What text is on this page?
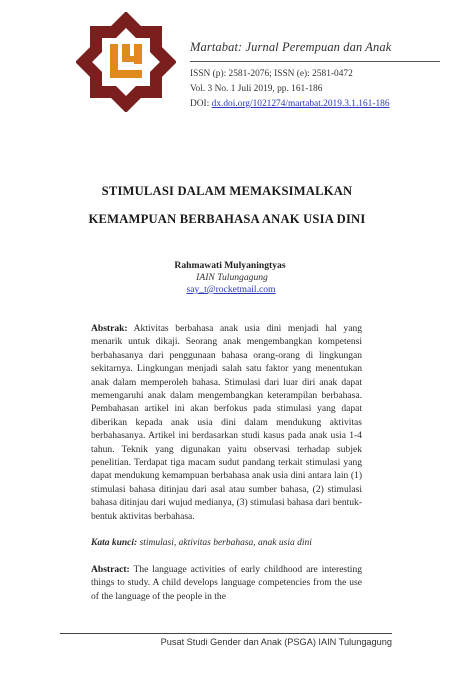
Martabat: Jurnal Perempuan dan Anak
ISSN (p): 2581-2076; ISSN (e): 2581-0472
Vol. 3 No. 1 Juli 2019, pp. 161-186
DOI: dx.doi.org/1021274/martabat.2019.3.1.161-186
STIMULASI DALAM MEMAKSIMALKAN
KEMAMPUAN BERBAHASA ANAK USIA DINI
Rahmawati Mulyaningtyas
IAIN Tulungagung
say_t@rocketmail.com
Abstrak: Aktivitas berbahasa anak usia dini menjadi hal yang menarik untuk dikaji. Seorang anak mengembangkan kompetensi berbahasanya dari penggunaan bahasa orang-orang di lingkungan sekitarnya. Lingkungan menjadi salah satu faktor yang menentukan anak dalam memperoleh bahasa. Stimulasi dari luar diri anak dapat memengaruhi anak dalam mengembangkan keterampilan berbahasa. Pembahasan artikel ini akan berfokus pada stimulasi yang dapat diberikan kepada anak usia dini dalam mendukung aktivitas berbahasanya. Artikel ini berdasarkan studi kasus pada anak usia 1-4 tahun. Teknik yang digunakan yaitu observasi terhadap subjek penelitian. Terdapat tiga macam sudut pandang terkait stimulasi yang dapat mendukung kemampuan berbahasa anak usia dini antara lain (1) stimulasi bahasa ditinjau dari asal atau sumber bahasa, (2) stimulasi bahasa ditinjau dari wujud medianya, (3) stimulasi bahasa dari bentuk-bentuk aktivitas berbahasa.
Kata kunci: stimulasi, aktivitas berbahasa, anak usia dini
Abstract: The language activities of early childhood are interesting things to study. A child develops language competencies from the use of the language of the people in the
Pusat Studi Gender dan Anak (PSGA) IAIN Tulungagung
